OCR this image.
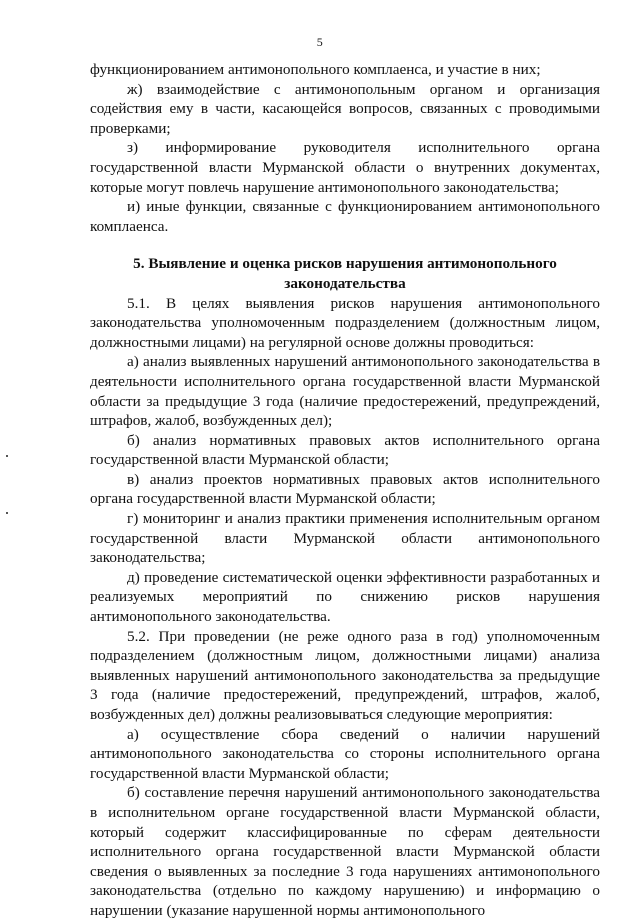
5

функционированием антимонопольного комплаенса, и участие в них;

ж) взаимодействие с антимонопольным органом и организация содействия ему в части, касающейся вопросов, связанных с проводимыми проверками;

з) информирование руководителя исполнительного органа государственной власти Мурманской области о внутренних документах, которые могут повлечь нарушение антимонопольного законодательства;

и) иные функции, связанные с функционированием антимонопольного комплаенса.

5. Выявление и оценка рисков нарушения антимонопольного законодательства

5.1. В целях выявления рисков нарушения антимонопольного законодательства уполномоченным подразделением (должностным лицом, должностными лицами) на регулярной основе должны проводиться:

а) анализ выявленных нарушений антимонопольного законодательства в деятельности исполнительного органа государственной власти Мурманской области за предыдущие 3 года (наличие предостережений, предупреждений, штрафов, жалоб, возбужденных дел);

б) анализ нормативных правовых актов исполнительного органа государственной власти Мурманской области;

в) анализ проектов нормативных правовых актов исполнительного органа государственной власти Мурманской области;

г) мониторинг и анализ практики применения исполнительным органом государственной власти Мурманской области антимонопольного законодательства;

д) проведение систематической оценки эффективности разработанных и реализуемых мероприятий по снижению рисков нарушения антимонопольного законодательства.

5.2. При проведении (не реже одного раза в год) уполномоченным подразделением (должностным лицом, должностными лицами) анализа выявленных нарушений антимонопольного законодательства за предыдущие 3 года (наличие предостережений, предупреждений, штрафов, жалоб, возбужденных дел) должны реализовываться следующие мероприятия:

а) осуществление сбора сведений о наличии нарушений антимонопольного законодательства со стороны исполнительного органа государственной власти Мурманской области;

б) составление перечня нарушений антимонопольного законодательства в исполнительном органе государственной власти Мурманской области, который содержит классифицированные по сферам деятельности исполнительного органа государственной власти Мурманской области сведения о выявленных за последние 3 года нарушениях антимонопольного законодательства (отдельно по каждому нарушению) и информацию о нарушении (указание нарушенной нормы антимонопольного
